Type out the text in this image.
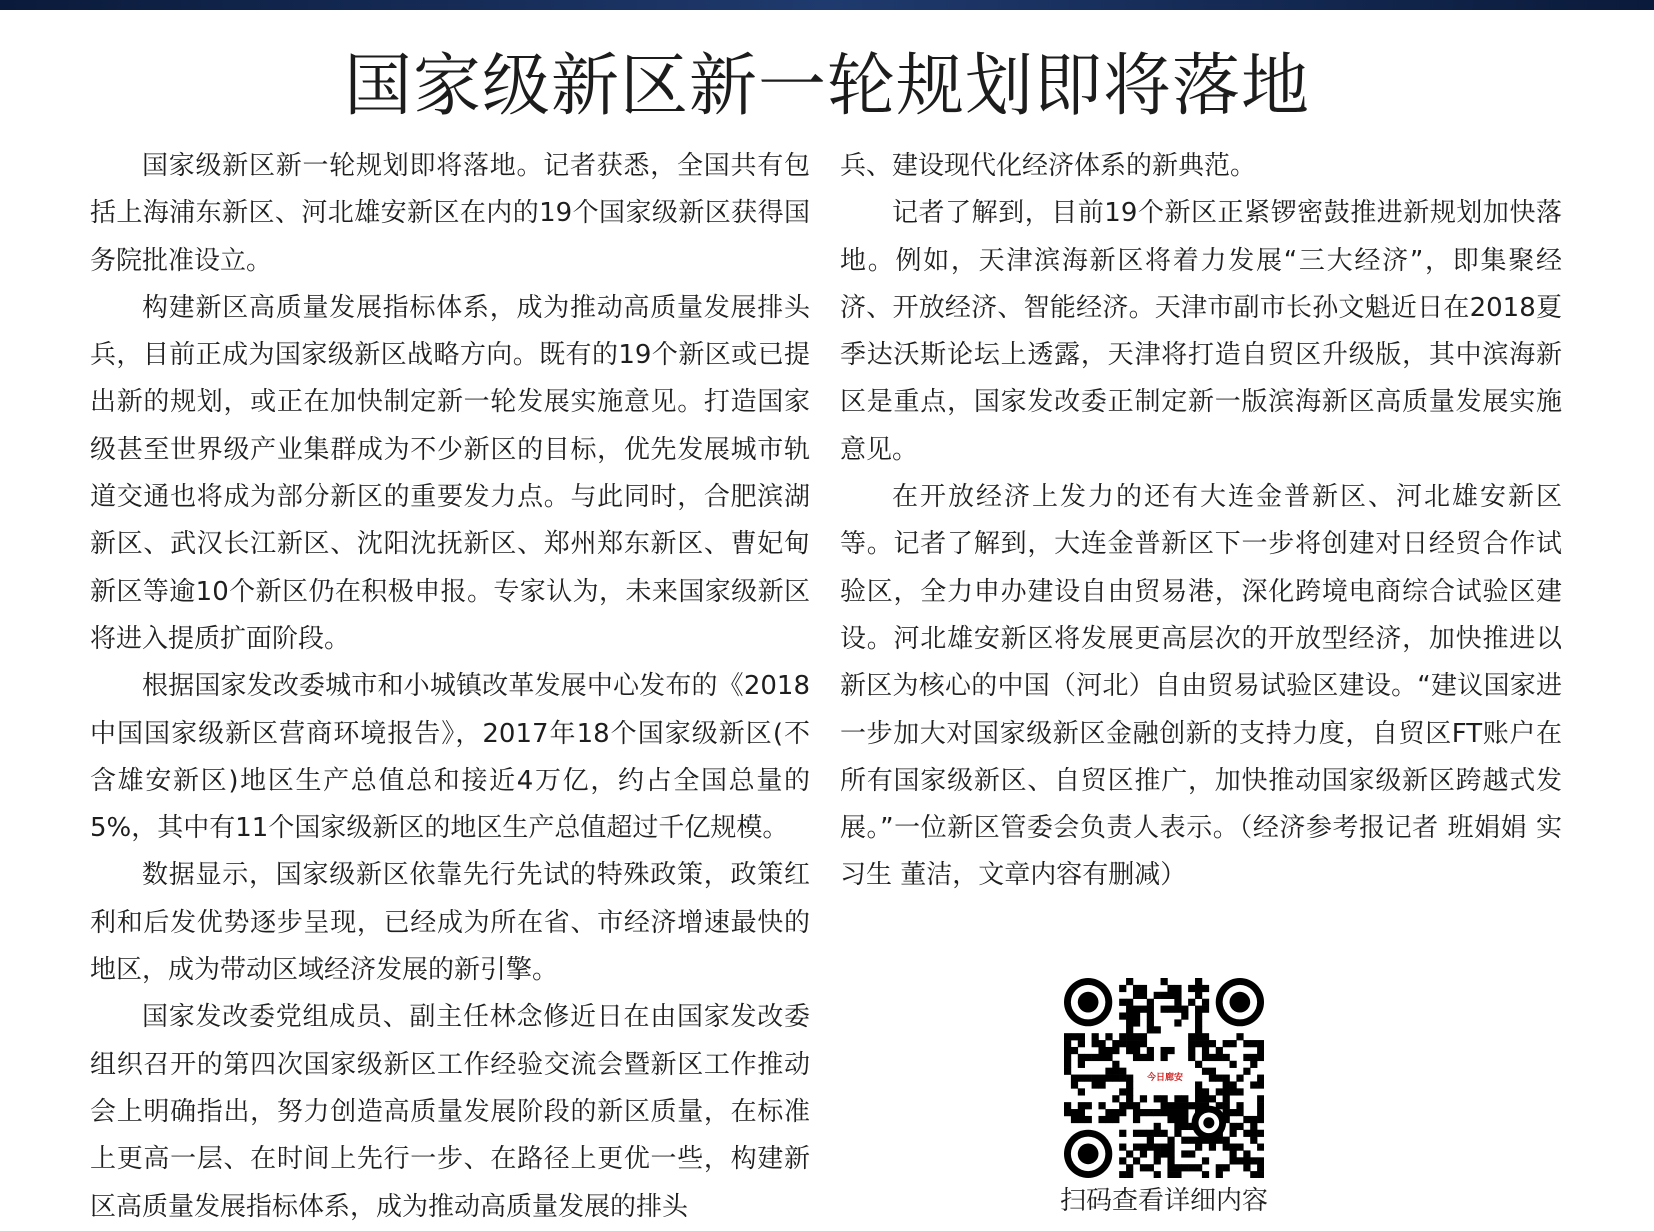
国家级新区新一轮规划即将落地

国家级新区新一轮规划即将落地。记者获悉，全国共有包括上海浦东新区、河北雄安新区在内的19个国家级新区获得国务院批准设立。

构建新区高质量发展指标体系，成为推动高质量发展排头兵，目前正成为国家级新区战略方向。既有的19个新区或已提出新的规划，或正在加快制定新一轮发展实施意见。打造国家级甚至世界级产业集群成为不少新区的目标，优先发展城市轨道交通也将成为部分新区的重要发力点。与此同时，合肥滨湖新区、武汉长江新区、沈阳沈抚新区、郑州郑东新区、曹妃甸新区等逾10个新区仍在积极申报。专家认为，未来国家级新区将进入提质扩面阶段。

根据国家发改委城市和小城镇改革发展中心发布的《2018中国国家级新区营商环境报告》，2017年18个国家级新区(不含雄安新区)地区生产总值总和接近4万亿，约占全国总量的5%，其中有11个国家级新区的地区生产总值超过千亿规模。

数据显示，国家级新区依靠先行先试的特殊政策，政策红利和后发优势逐步呈现，已经成为所在省、市经济增速最快的地区，成为带动区域经济发展的新引擎。

国家发改委党组成员、副主任林念修近日在由国家发改委组织召开的第四次国家级新区工作经验交流会暨新区工作推动会上明确指出，努力创造高质量发展阶段的新区质量，在标准上更高一层、在时间上先行一步、在路径上更优一些，构建新区高质量发展指标体系，成为推动高质量发展的排头

兵、建设现代化经济体系的新典范。

记者了解到，目前19个新区正紧锣密鼓推进新规划加快落地。例如，天津滨海新区将着力发展“三大经济”，即集聚经济、开放经济、智能经济。天津市副市长孙文魁近日在2018夏季达沃斯论坛上透露，天津将打造自贸区升级版，其中滨海新区是重点，国家发改委正制定新一版滨海新区高质量发展实施意见。

在开放经济上发力的还有大连金普新区、河北雄安新区等。记者了解到，大连金普新区下一步将创建对日经贸合作试验区，全力申办建设自由贸易港，深化跨境电商综合试验区建设。河北雄安新区将发展更高层次的开放型经济，加快推进以新区为核心的中国（河北）自由贸易试验区建设。“建议国家进一步加大对国家级新区金融创新的支持力度，自贸区FT账户在所有国家级新区、自贸区推广，加快推动国家级新区跨越式发展。”一位新区管委会负责人表示。（经济参考报记者 班娟娟 实习生 董洁，文章内容有删减）

今日廊安
扫码查看详细内容
